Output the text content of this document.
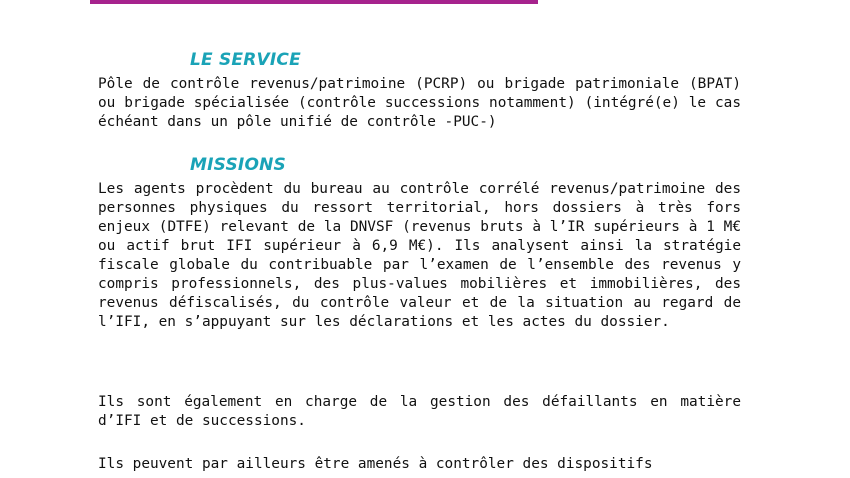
LE SERVICE

Pôle de contrôle revenus/patrimoine (PCRP) ou brigade patrimoniale (BPAT) ou brigade spécialisée (contrôle successions notamment) (intégré(e) le cas échéant dans un pôle unifié de contrôle -PUC-)

MISSIONS

Les agents procèdent du bureau au contrôle corrélé revenus/patrimoine des personnes physiques du ressort territorial, hors dossiers à très fors enjeux (DTFE) relevant de la DNVSF (revenus bruts à l’IR supérieurs à 1 M€ ou actif brut IFI supérieur à 6,9 M€). Ils analysent ainsi la stratégie fiscale globale du contribuable par l’examen de l’ensemble des revenus y compris professionnels, des plus-values mobilières et immobilières, des revenus défiscalisés, du contrôle valeur et de la situation au regard de l’IFI, en s’appuyant sur les déclarations et les actes du dossier.

Ils sont également en charge de la gestion des défaillants en matière d’IFI et de successions.

Ils peuvent par ailleurs être amenés à contrôler des dispositifs
